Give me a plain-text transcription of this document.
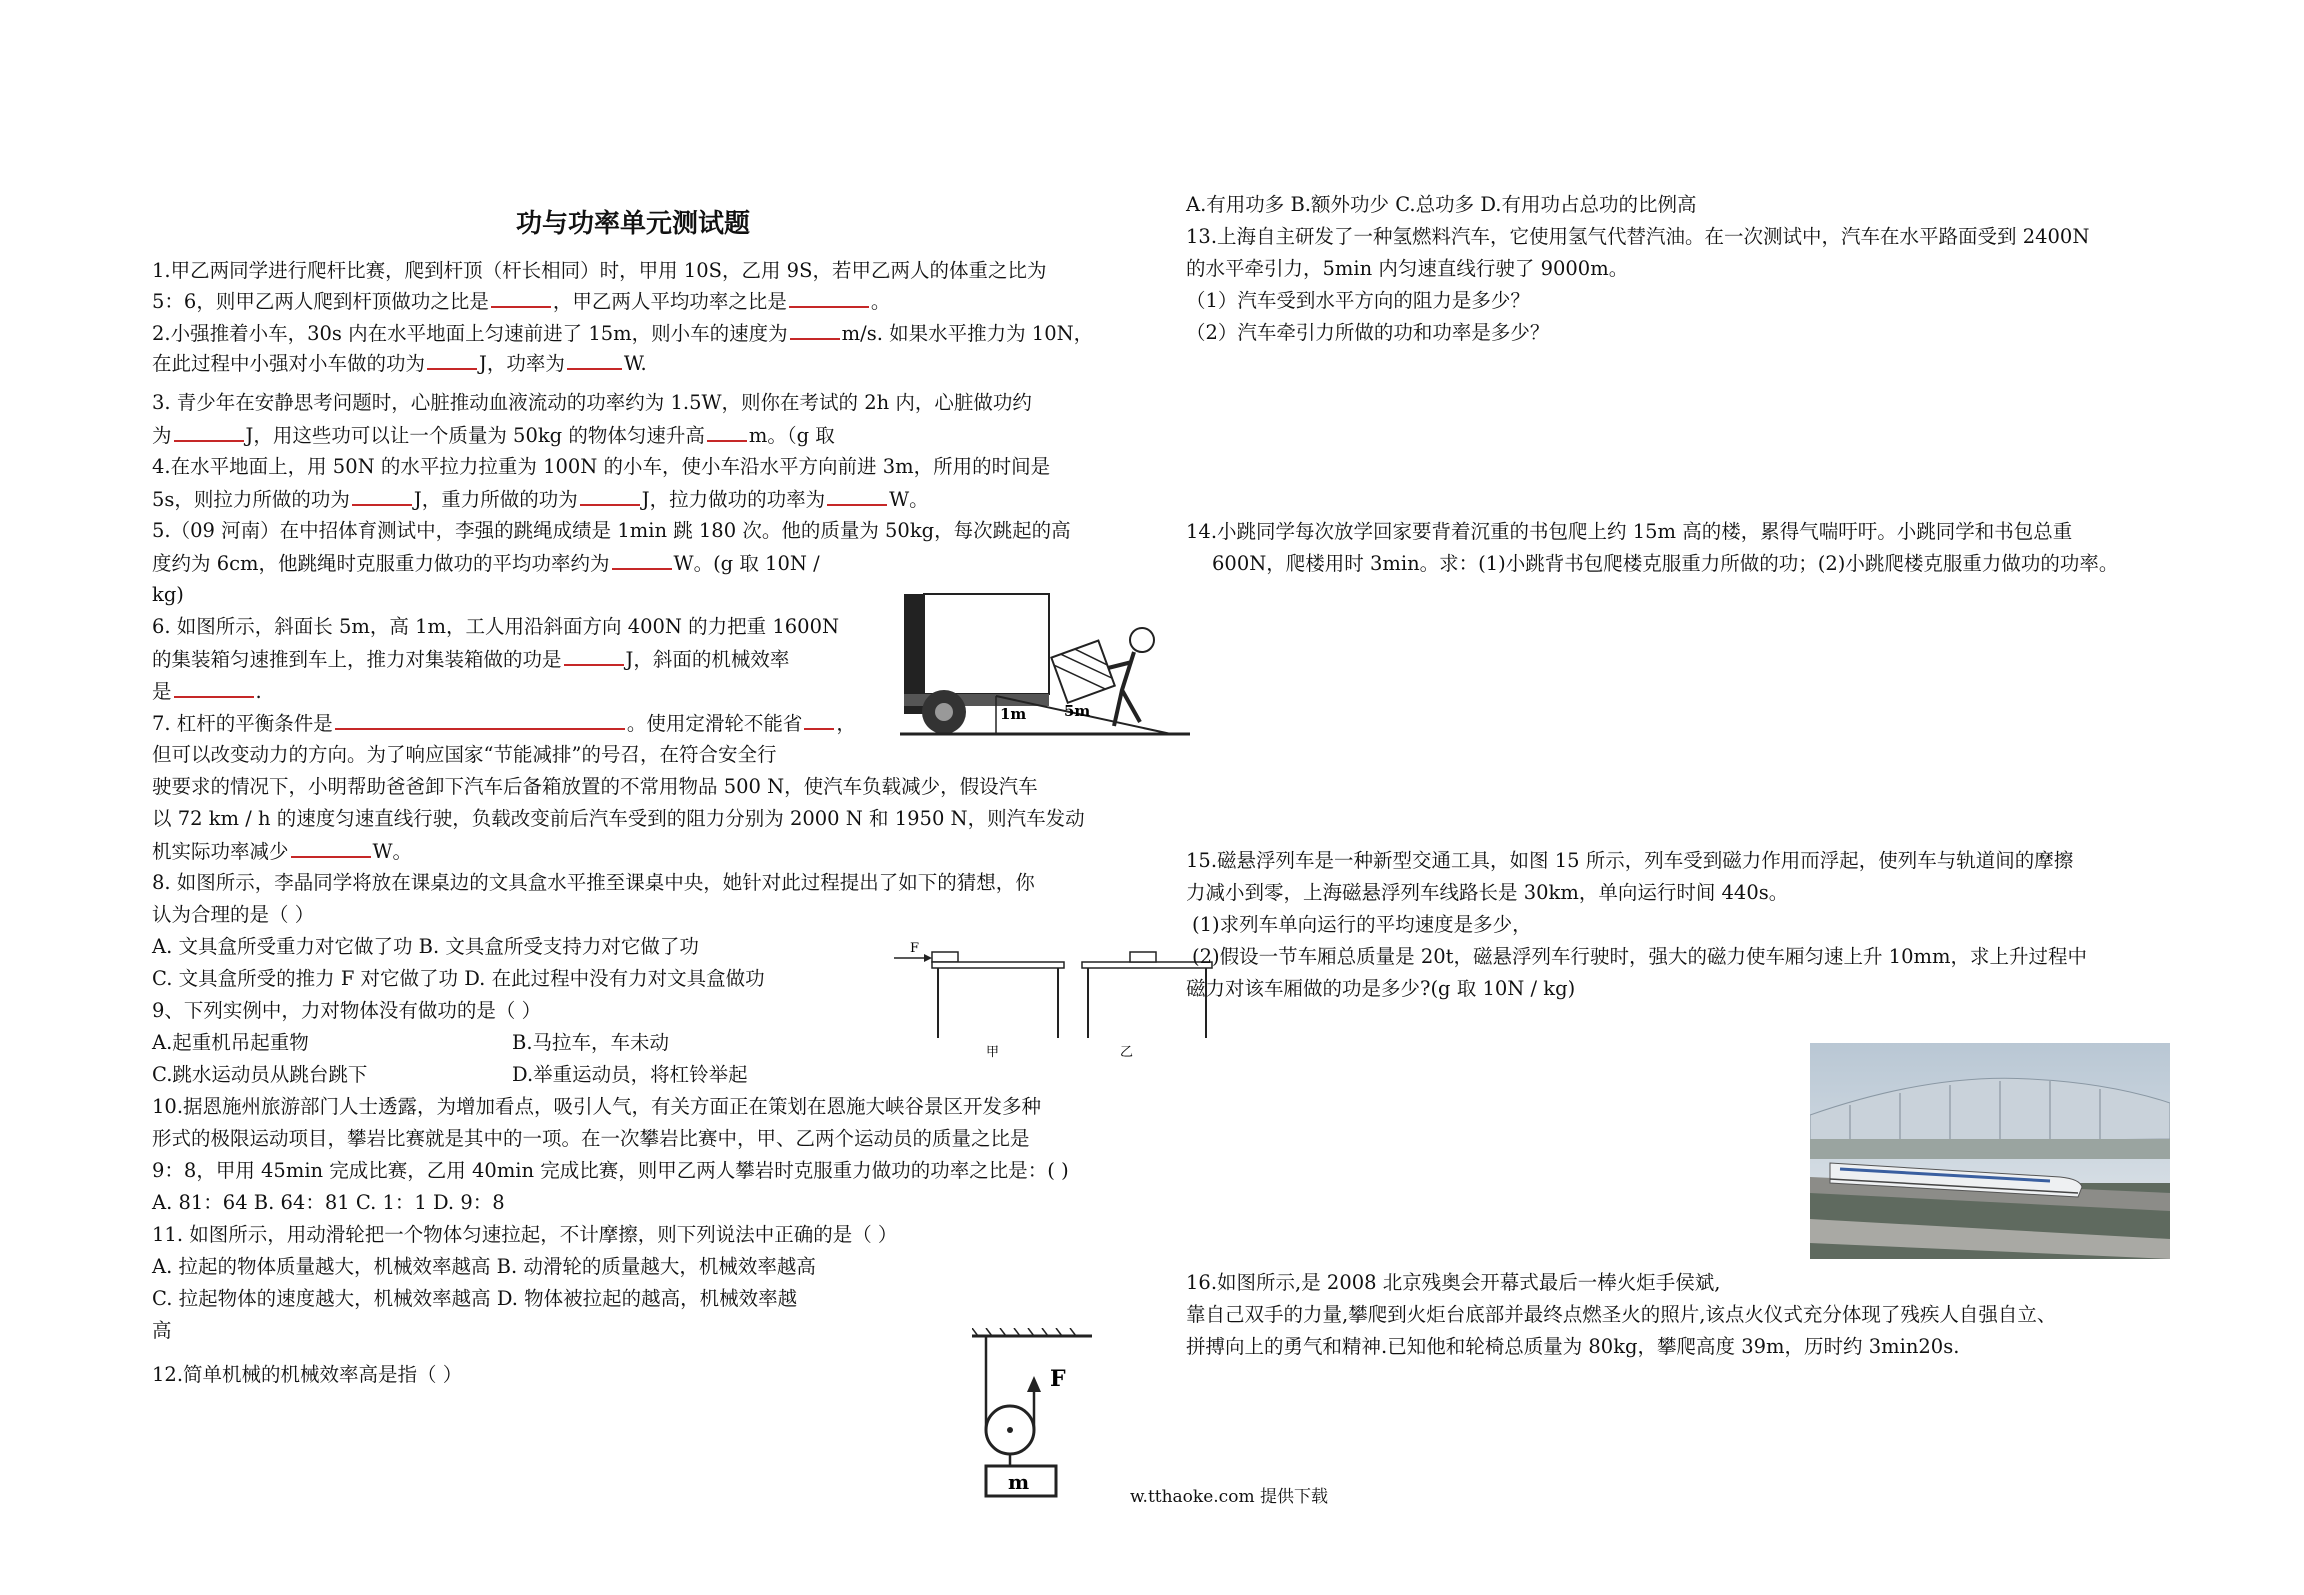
功与功率单元测试题
1.甲乙两同学进行爬杆比赛，爬到杆顶（杆长相同）时，甲用 10S，乙用 9S，若甲乙两人的体重之比为
5：6，则甲乙两人爬到杆顶做功之比是	，甲乙两人平均功率之比是	。
2.小强推着小车，30s 内在水平地面上匀速前进了 15m，则小车的速度为	m/s. 如果水平推力为 10N，
在此过程中小强对小车做的功为	J，功率为	W.
3. 青少年在安静思考问题时，心脏推动血液流动的功率约为 1.5W，则你在考试的 2h 内，心脏做功约
为	J，用这些功可以让一个质量为 50kg 的物体匀速升高 m。（g 取
4.在水平地面上，用 50N 的水平拉力拉重为 100N 的小车，使小车沿水平方向前进 3m，所用的时间是
5s，则拉力所做的功为	J，重力所做的功为	J，拉力做功的功率为	W。
5.（09 河南）在中招体育测试中，李强的跳绳成绩是 1min 跳 180 次。他的质量为 50kg，每次跳起的高
度约为 6cm，他跳绳时克服重力做功的平均功率约为	W。(g 取 10N /
kg)
6. 如图所示，斜面长 5m，高 1m，工人用沿斜面方向 400N 的力把重 1600N
的集装箱匀速推到车上，推力对集装箱做的功是	J，斜面的机械效率
是	.
7. 杠杆的平衡条件是	。使用定滑轮不能省 ，
但可以改变动力的方向。为了响应国家“节能减排”的号召，在符合安全行
驶要求的情况下，小明帮助爸爸卸下汽车后备箱放置的不常用物品 500 N，使汽车负载减少，假设汽车
以 72 km / h 的速度匀速直线行驶，负载改变前后汽车受到的阻力分别为 2000 N 和 1950 N，则汽车发动
机实际功率减少	W。
8. 如图所示，李晶同学将放在课桌边的文具盒水平推至课桌中央，她针对此过程提出了如下的猜想，你
认为合理的是（ ）
A. 文具盒所受重力对它做了功 B. 文具盒所受支持力对它做了功
C. 文具盒所受的推力 F 对它做了功 D. 在此过程中没有力对文具盒做功
9、下列实例中，力对物体没有做功的是（ ）
A.起重机吊起重物	B.马拉车，车未动
C.跳水运动员从跳台跳下	D.举重运动员，将杠铃举起
10.据恩施州旅游部门人士透露，为增加看点，吸引人气，有关方面正在策划在恩施大峡谷景区开发多种
形式的极限运动项目，攀岩比赛就是其中的一项。在一次攀岩比赛中，甲、乙两个运动员的质量之比是
9：8，甲用 45min 完成比赛，乙用 40min 完成比赛，则甲乙两人攀岩时克服重力做功的功率之比是：( )
A. 81：64 B. 64：81 C. 1：1 D. 9：8
11. 如图所示，用动滑轮把一个物体匀速拉起，不计摩擦，则下列说法中正确的是（ ）
A. 拉起的物体质量越大，机械效率越高 B. 动滑轮的质量越大，机械效率越高
C. 拉起物体的速度越大，机械效率越高 D. 物体被拉起的越高，机械效率越
高
12.简单机械的机械效率高是指（ ）
1m	5m
F
甲	乙
F
m
A.有用功多 B.额外功少 C.总功多 D.有用功占总功的比例高
13.上海自主研发了一种氢燃料汽车，它使用氢气代替汽油。在一次测试中，汽车在水平路面受到 2400N
的水平牵引力，5min 内匀速直线行驶了 9000m。
（1）汽车受到水平方向的阻力是多少？
（2）汽车牵引力所做的功和功率是多少？
14.小跳同学每次放学回家要背着沉重的书包爬上约 15m 高的楼，累得气喘吁吁。小跳同学和书包总重
600N，爬楼用时 3min。求：(1)小跳背书包爬楼克服重力所做的功；(2)小跳爬楼克服重力做功的功率。
15.磁悬浮列车是一种新型交通工具，如图 15 所示，列车受到磁力作用而浮起，使列车与轨道间的摩擦
力减小到零，上海磁悬浮列车线路长是 30km，单向运行时间 440s。
(1)求列车单向运行的平均速度是多少，
(2)假设一节车厢总质量是 20t，磁悬浮列车行驶时，强大的磁力使车厢匀速上升 10mm，求上升过程中
磁力对该车厢做的功是多少?(g 取 10N / kg)
16.如图所示,是 2008 北京残奥会开幕式最后一棒火炬手侯斌,
靠自己双手的力量,攀爬到火炬台底部并最终点燃圣火的照片,该点火仪式充分体现了残疾人自强自立、
拼搏向上的勇气和精神.已知他和轮椅总质量为 80kg，攀爬高度 39m，历时约 3min20s.
w.tthaoke.com 提供下载
